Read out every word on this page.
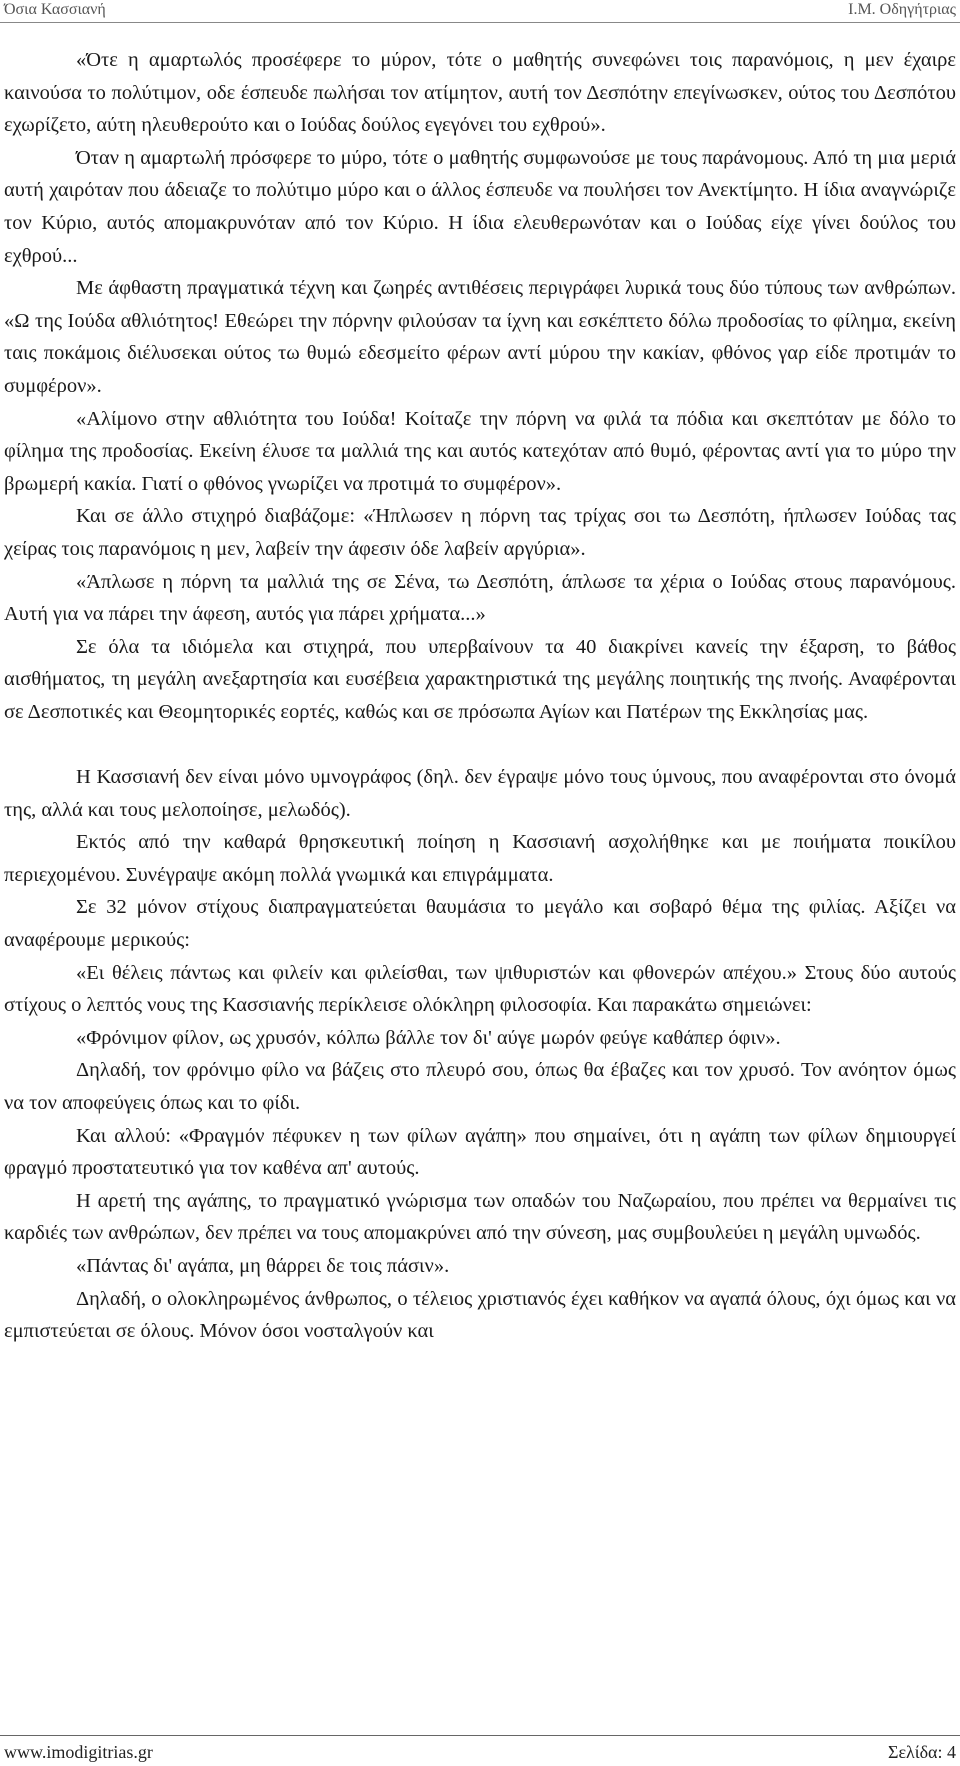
Όσια Κασσιανή	Ι.Μ. Οδηγήτριας

«Ότε η αμαρτωλός προσέφερε το μύρον, τότε ο μαθητής συνεφώνει τοις παρανόμοις, η μεν έχαιρε καινούσα το πολύτιμον, οδε έσπευδε πωλήσαι τον ατίμητον, αυτή τον Δεσπότην επεγίνωσκεν, ούτος του Δεσπότου εχωρίζετο, αύτη ηλευθερούτο και ο Ιούδας δούλος εγεγόνει του εχθρού».

Όταν η αμαρτωλή πρόσφερε το μύρο, τότε ο μαθητής συμφωνούσε με τους παράνομους. Από τη μια μεριά αυτή χαιρόταν που άδειαζε το πολύτιμο μύρο και ο άλλος έσπευδε να πουλήσει τον Ανεκτίμητο. Η ίδια αναγνώριζε τον Κύριο, αυτός απομακρυνόταν από τον Κύριο. Η ίδια ελευθερωνόταν και ο Ιούδας είχε γίνει δούλος του εχθρού...

Με άφθαστη πραγματικά τέχνη και ζωηρές αντιθέσεις περιγράφει λυρικά τους δύο τύπους των ανθρώπων. «Ω της Ιούδα αθλιότητος! Εθεώρει την πόρνην φιλούσαν τα ίχνη και εσκέπτετο δόλω προδοσίας το φίλημα, εκείνη ταις ποκάμοις διέλυσεκαι ούτος τω θυμώ εδεσμείτο φέρων αντί μύρου την κακίαν, φθόνος γαρ είδε προτιμάν το συμφέρον».

«Αλίμονο στην αθλιότητα του Ιούδα! Κοίταζε την πόρνη να φιλά τα πόδια και σκεπτόταν με δόλο το φίλημα της προδοσίας. Εκείνη έλυσε τα μαλλιά της και αυτός κατεχόταν από θυμό, φέροντας αντί για το μύρο την βρωμερή κακία. Γιατί ο φθόνος γνωρίζει να προτιμά το συμφέρον».

Και σε άλλο στιχηρό διαβάζομε: «Ήπλωσεν η πόρνη τας τρίχας σοι τω Δεσπότη, ήπλωσεν Ιούδας τας χείρας τοις παρανόμοις η μεν, λαβείν την άφεσιν όδε λαβείν αργύρια».

«Άπλωσε η πόρνη τα μαλλιά της σε Σένα, τω Δεσπότη, άπλωσε τα χέρια ο Ιούδας στους παρανόμους. Αυτή για να πάρει την άφεση, αυτός για πάρει χρήματα...»

Σε όλα τα ιδιόμελα και στιχηρά, που υπερβαίνουν τα 40 διακρίνει κανείς την έξαρση, το βάθος αισθήματος, τη μεγάλη ανεξαρτησία και ευσέβεια χαρακτηριστικά της μεγάλης ποιητικής της πνοής. Αναφέρονται σε Δεσποτικές και Θεομητορικές εορτές, καθώς και σε πρόσωπα Αγίων και Πατέρων της Εκκλησίας μας.

Η Κασσιανή δεν είναι μόνο υμνογράφος (δηλ. δεν έγραψε μόνο τους ύμνους, που αναφέρονται στο όνομά της, αλλά και τους μελοποίησε, μελωδός).

Εκτός από την καθαρά θρησκευτική ποίηση η Κασσιανή ασχολήθηκε και με ποιήματα ποικίλου περιεχομένου. Συνέγραψε ακόμη πολλά γνωμικά και επιγράμματα.

Σε 32 μόνον στίχους διαπραγματεύεται θαυμάσια το μεγάλο και σοβαρό θέμα της φιλίας. Αξίζει να αναφέρουμε μερικούς:

«Ει θέλεις πάντως και φιλείν και φιλείσθαι, των ψιθυριστών και φθονερών απέχου.» Στους δύο αυτούς στίχους ο λεπτός νους της Κασσιανής περίκλεισε ολόκληρη φιλοσοφία. Και παρακάτω σημειώνει:

«Φρόνιμον φίλον, ως χρυσόν, κόλπω βάλλε τον δι' αύγε μωρόν φεύγε καθάπερ όφιν».

Δηλαδή, τον φρόνιμο φίλο να βάζεις στο πλευρό σου, όπως θα έβαζες και τον χρυσό. Τον ανόητον όμως να τον αποφεύγεις όπως και το φίδι.

Και αλλού: «Φραγμόν πέφυκεν η των φίλων αγάπη» που σημαίνει, ότι η αγάπη των φίλων δημιουργεί φραγμό προστατευτικό για τον καθένα απ' αυτούς.

Η αρετή της αγάπης, το πραγματικό γνώρισμα των οπαδών του Ναζωραίου, που πρέπει να θερμαίνει τις καρδιές των ανθρώπων, δεν πρέπει να τους απομακρύνει από την σύνεση, μας συμβουλεύει η μεγάλη υμνωδός.

«Πάντας δι' αγάπα, μη θάρρει δε τοις πάσιν».

Δηλαδή, ο ολοκληρωμένος άνθρωπος, ο τέλειος χριστιανός έχει καθήκον να αγαπά όλους, όχι όμως και να εμπιστεύεται σε όλους. Μόνον όσοι νοσταλγούν και

www.imodigitrias.gr	Σελίδα: 4
